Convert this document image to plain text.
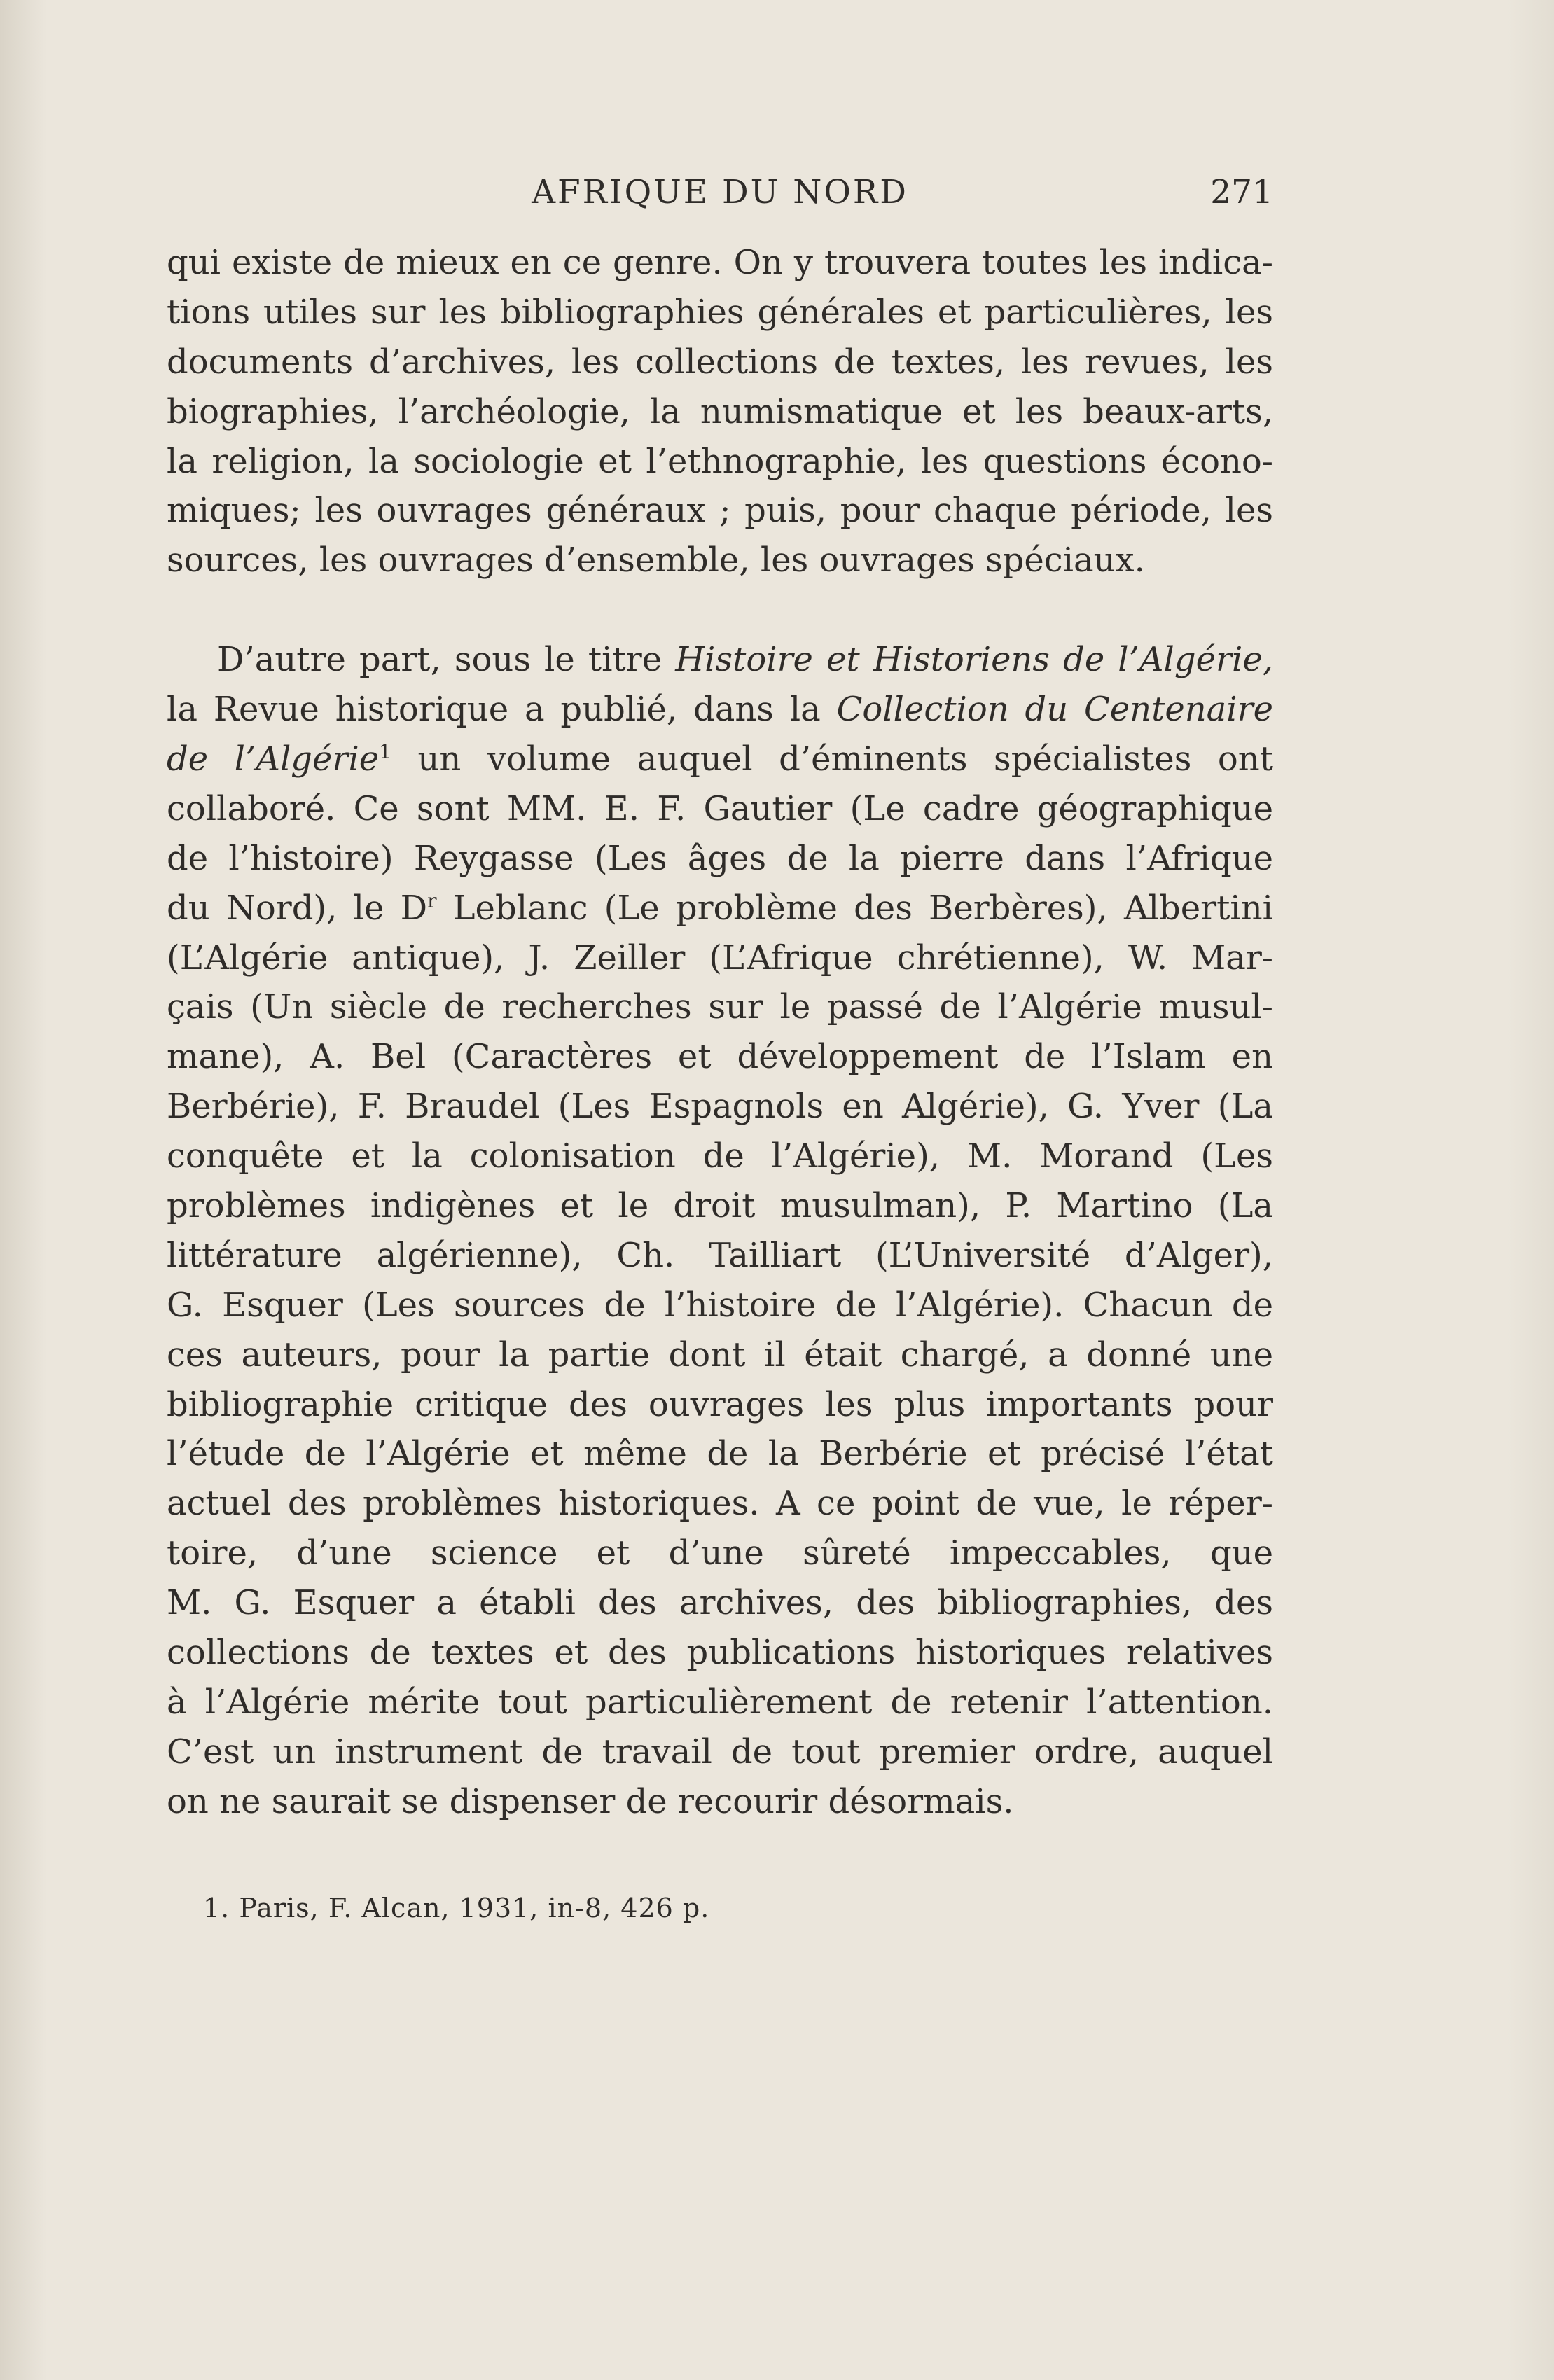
AFRIQUE DU NORD	271
qui existe de mieux en ce genre. On y trouvera toutes les indica-
tions utiles sur les bibliographies générales et particulières, les
documents d’archives, les collections de textes, les revues, les
biographies, l’archéologie, la numismatique et les beaux-arts,
la religion, la sociologie et l’ethnographie, les questions écono-
miques; les ouvrages généraux ; puis, pour chaque période, les
sources, les ouvrages d’ensemble, les ouvrages spéciaux.
D’autre part, sous le titre Histoire et Historiens de l’Algérie,
la Revue historique a publié, dans la Collection du Centenaire
de l’Algérie$^1$ un volume auquel d’éminents spécialistes ont
collaboré. Ce sont MM. E. F. Gautier (Le cadre géographique
de l’histoire) Reygasse (Les âges de la pierre dans l’Afrique
du Nord), le $D^r$ Leblanc (Le problème des Berbères), Albertini
(L’Algérie antique), J. Zeiller (L’Afrique chrétienne), W. Mar-
çais (Un siècle de recherches sur le passé de l’Algérie musul-
mane), A. Bel (Caractères et développement de l’Islam en
Berbérie), F. Braudel (Les Espagnols en Algérie), G. Yver (La
conquête et la colonisation de l’Algérie), M. Morand (Les
problèmes indigènes et le droit musulman), P. Martino (La
littérature algérienne), Ch. Tailliart (L’Université d’Alger),
G. Esquer (Les sources de l’histoire de l’Algérie). Chacun de
ces auteurs, pour la partie dont il était chargé, a donné une
bibliographie critique des ouvrages les plus importants pour
l’étude de l’Algérie et même de la Berbérie et précisé l’état
actuel des problèmes historiques. A ce point de vue, le réper-
toire, d’une science et d’une sûreté impeccables, que
M. G. Esquer a établi des archives, des bibliographies, des
collections de textes et des publications historiques relatives
à l’Algérie mérite tout particulièrement de retenir l’attention.
C’est un instrument de travail de tout premier ordre, auquel
on ne saurait se dispenser de recourir désormais.
1. Paris, F. Alcan, 1931, in-8, 426 p.
